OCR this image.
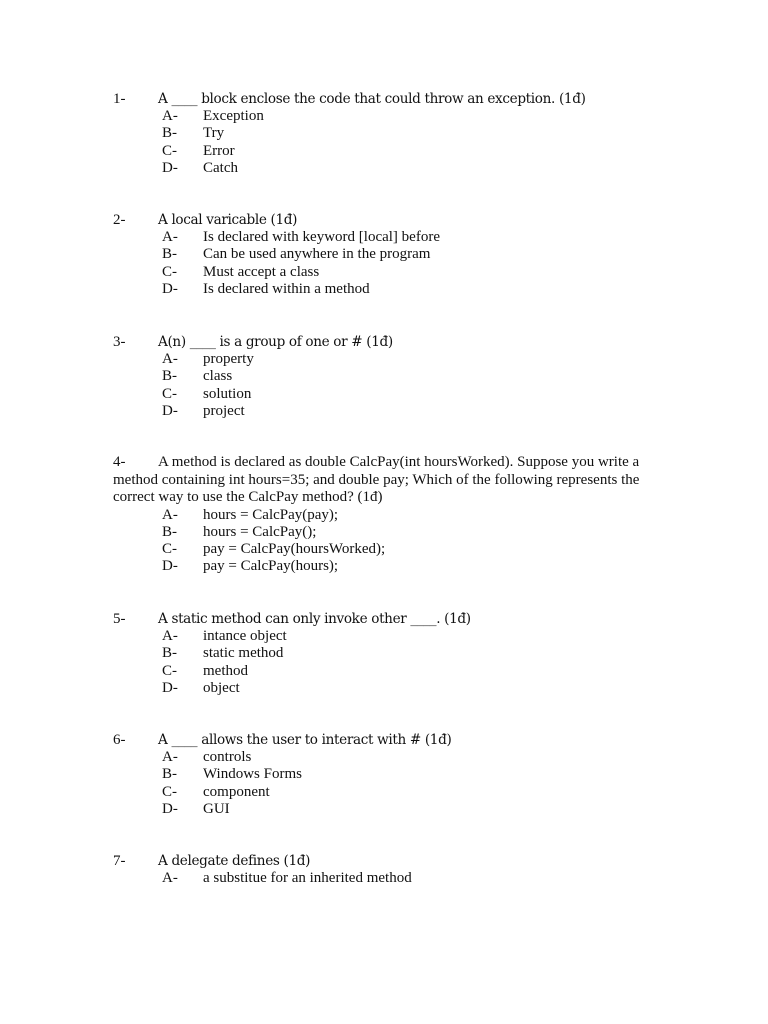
1- A ____ block enclose the code that could throw an exception. (1đ)
A- Exception
B- Try
C- Error
D- Catch
2- A local varicable (1đ)
A- Is declared with keyword [local] before
B- Can be used anywhere in the program
C- Must accept a class
D- Is declared within a method
3- A(n) ____ is a group of one or # (1đ)
A- property
B- class
C- solution
D- project
4- A method is declared as double CalcPay(int hoursWorked). Suppose you write a method containing int hours=35; and double pay; Which of the following represents the correct way to use the CalcPay method? (1đ)
A- hours = CalcPay(pay);
B- hours = CalcPay();
C- pay = CalcPay(hoursWorked);
D- pay = CalcPay(hours);
5- A static method can only invoke other ____. (1đ)
A- intance object
B- static method
C- method
D- object
6- A ____ allows the user to interact with # (1đ)
A- controls
B- Windows Forms
C- component
D- GUI
7- A delegate defines (1đ)
A- a substitue for an inherited method
